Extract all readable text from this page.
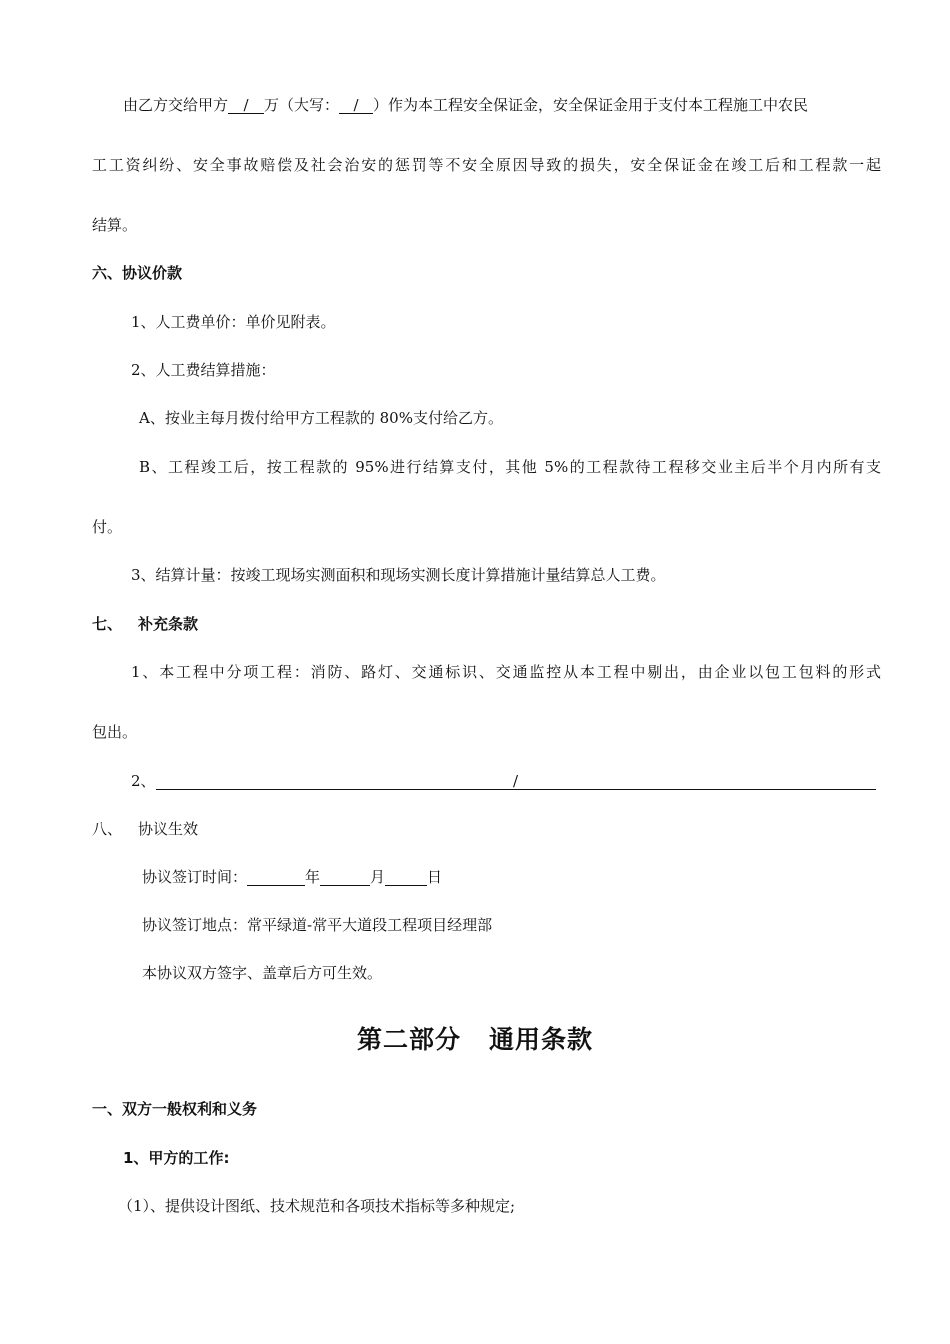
由乙方交给甲方 / 万（大写： / ）作为本工程安全保证金，安全保证金用于支付本工程施工中农民
工工资纠纷、安全事故赔偿及社会治安的惩罚等不安全原因导致的损失，安全保证金在竣工后和工程款一起
结算。
六、协议价款
1、人工费单价：单价见附表。
2、人工费结算措施：
A、按业主每月拨付给甲方工程款的 80%支付给乙方。
B、工程竣工后，按工程款的 95%进行结算支付，其他 5%的工程款待工程移交业主后半个月内所有支
付。
3、结算计量：按竣工现场实测面积和现场实测长度计算措施计量结算总人工费。
七、 补充条款
1、本工程中分项工程：消防、路灯、交通标识、交通监控从本工程中剔出，由企业以包工包料的形式
包出。
2、	/
八、 协议生效
协议签订时间：	年	月	日
协议签订地点：常平绿道-常平大道段工程项目经理部
本协议双方签字、盖章后方可生效。
第二部分 通用条款
一、双方一般权利和义务
1、甲方的工作:
（1）、提供设计图纸、技术规范和各项技术指标等多种规定;
